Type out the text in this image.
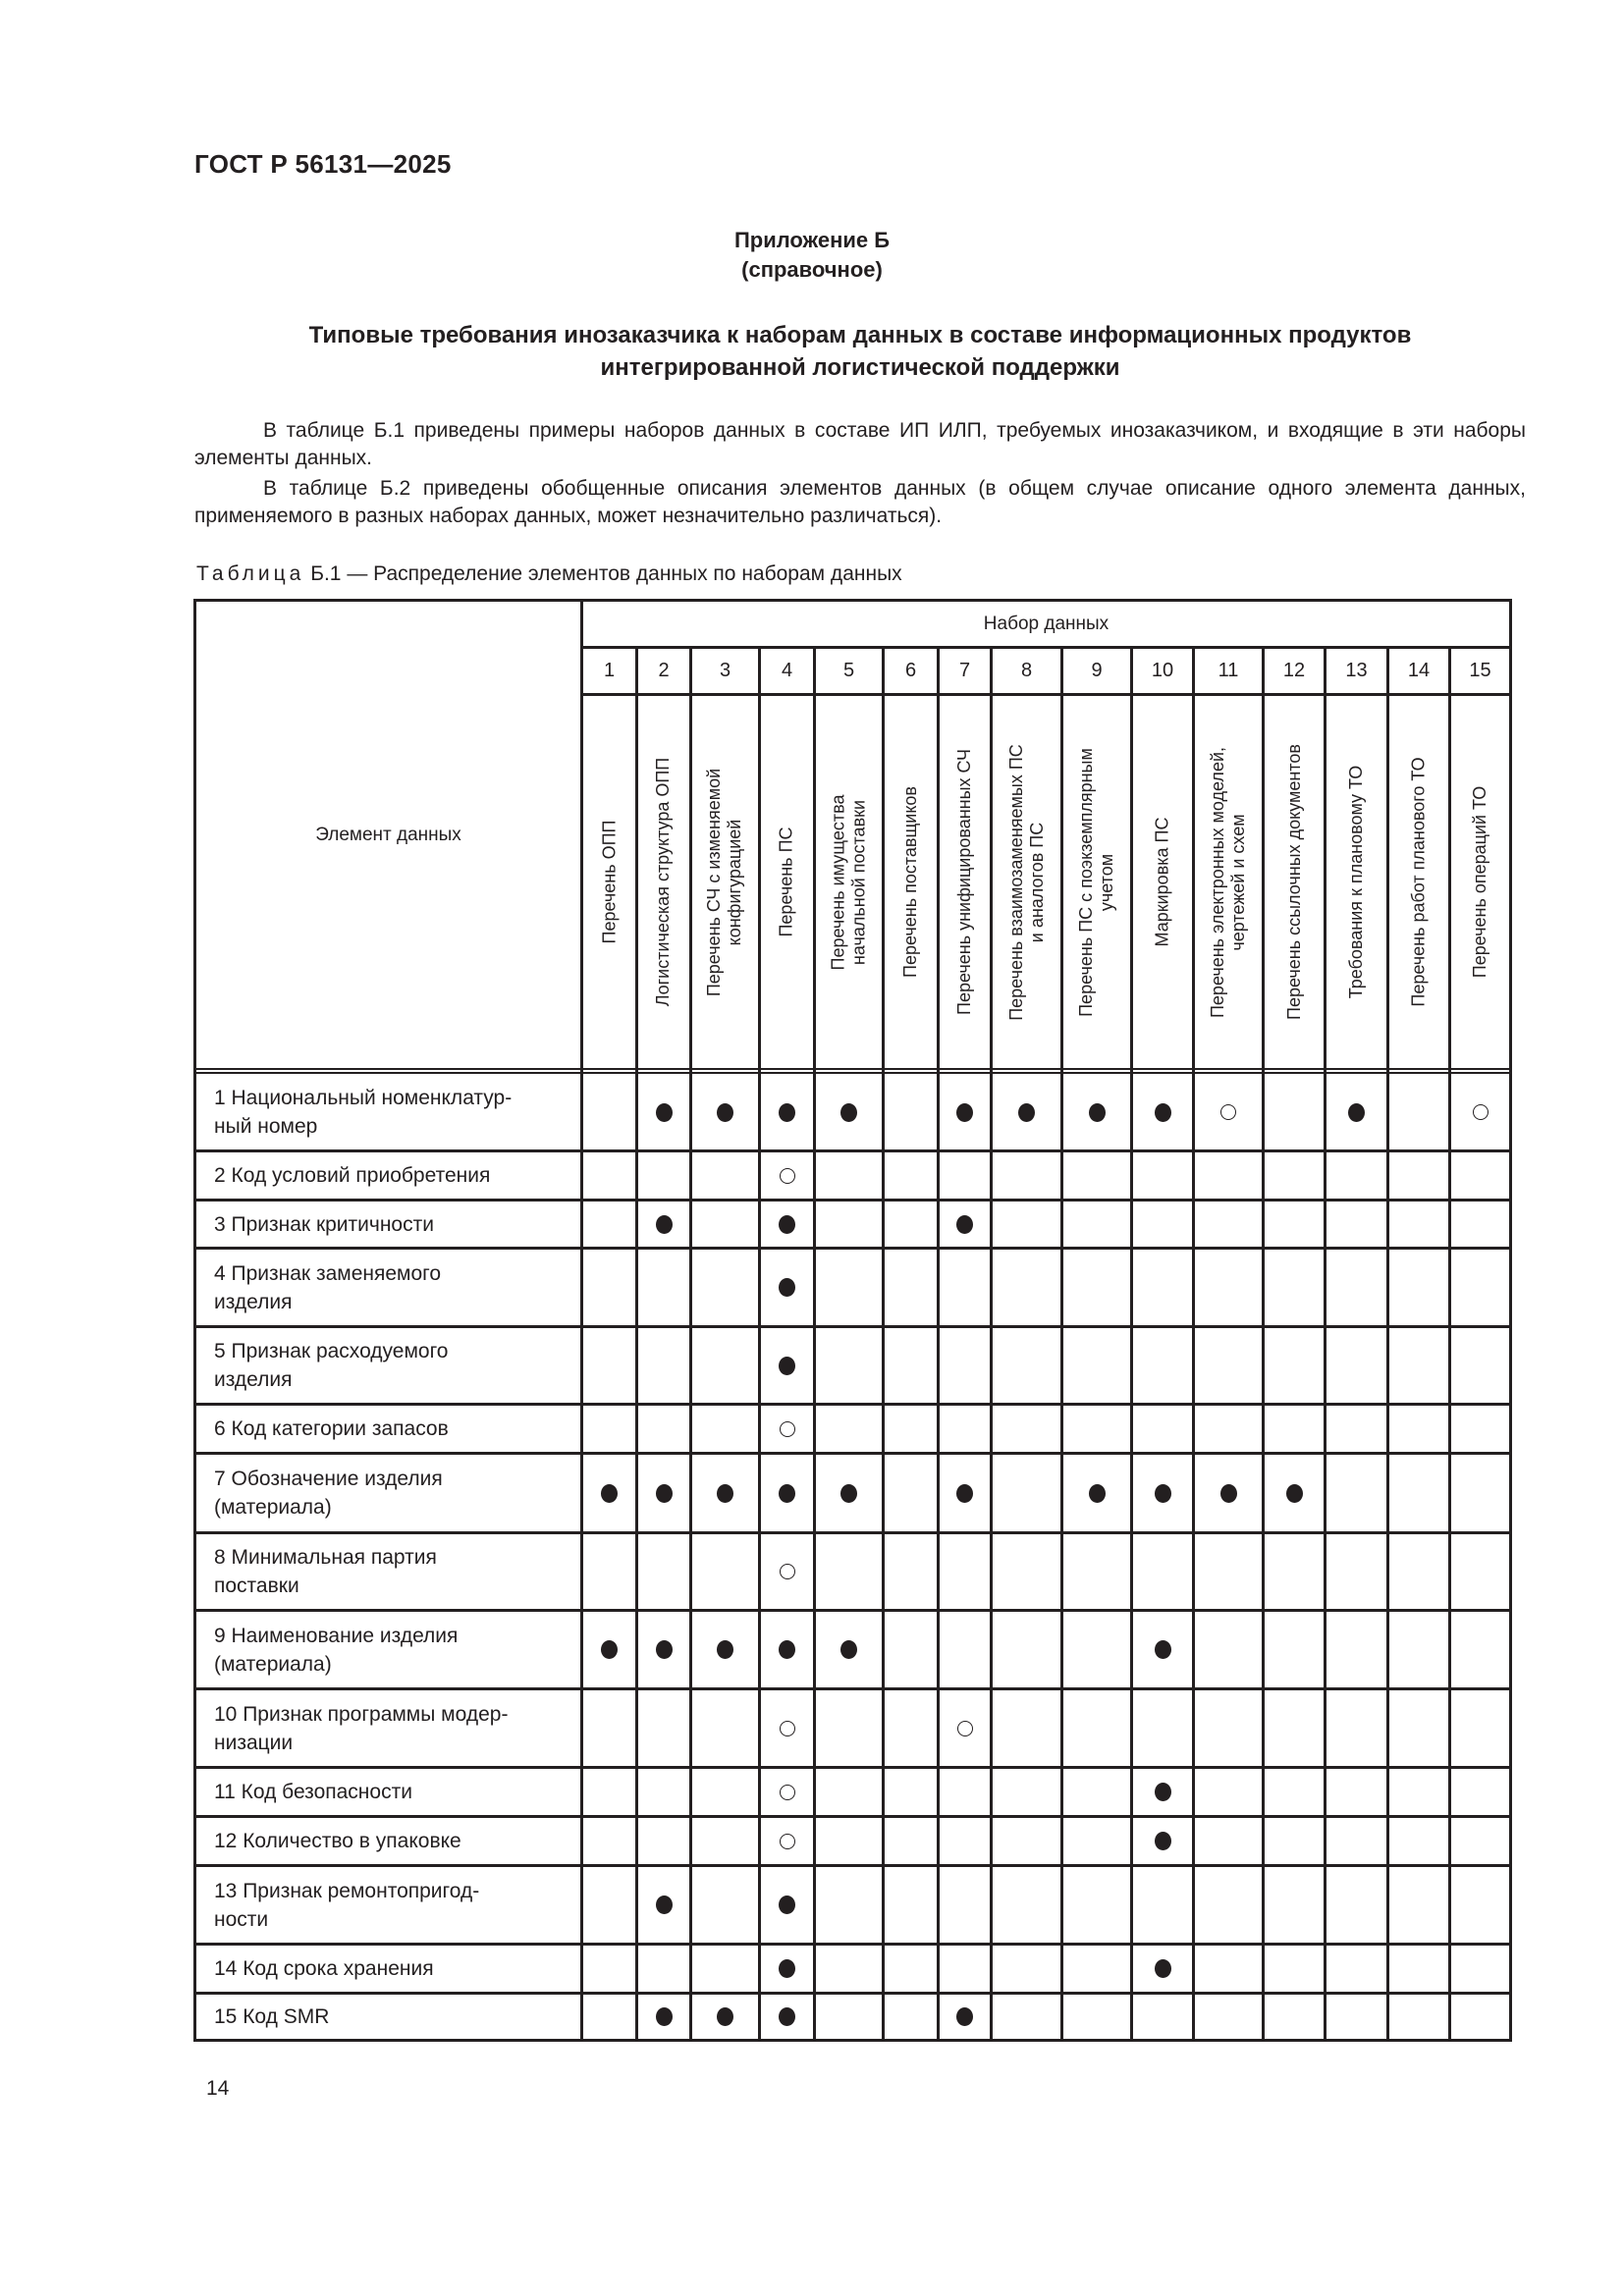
ГОСТ Р 56131—2025
Приложение Б
(справочное)
Типовые требования инозаказчика к наборам данных в составе информационных продуктов
интегрированной логистической поддержки
В таблице Б.1 приведены примеры наборов данных в составе ИП ИЛП, требуемых инозаказчиком, и входящие в эти наборы элементы данных.
В таблице Б.2 приведены обобщенные описания элементов данных (в общем случае описание одного элемента данных, применяемого в разных наборах данных, может незначительно различаться).
Таблица Б.1 — Распределение элементов данных по наборам данных
Элемент данных
Набор данных
1
Перечень ОПП
2
Логистическая структура ОПП
3
Перечень СЧ с изменяемой конфигурацией
4
Перечень ПС
5
Перечень имущества начальной поставки
6
Перечень поставщиков
7
Перечень унифицированных СЧ
8
Перечень взаимозаменяемых ПС и аналогов ПС
9
Перечень ПС с поэкземплярным учетом
10
Маркировка ПС
11
Перечень электронных моделей, чертежей и схем
12
Перечень ссылочных документов
13
Требования к плановому ТО
14
Перечень работ планового ТО
15
Перечень операций ТО
1 Национальный номенклатур-
ный номер
2 Код условий приобретения
3 Признак критичности
4 Признак заменяемого
изделия
5 Признак расходуемого
изделия
6 Код категории запасов
7 Обозначение изделия
(материала)
8 Минимальная партия
поставки
9 Наименование изделия
(материала)
10 Признак программы модер-
низации
11 Код безопасности
12 Количество в упаковке
13 Признак ремонтопригод-
ности
14 Код срока хранения
15 Код SMR
14
